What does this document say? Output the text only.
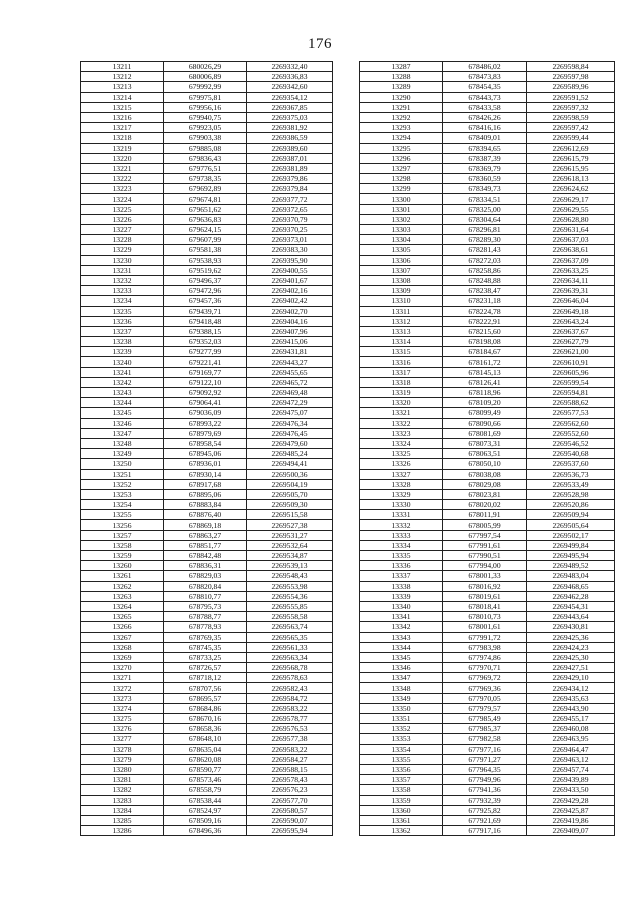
176
13211	680026,29	2269332,40
13212	680006,89	2269336,83
13213	679992,99	2269342,60
13214	679975,81	2269354,12
13215	679956,16	2269367,85
13216	679940,75	2269375,03
13217	679923,05	2269381,92
13218	679903,38	2269386,59
13219	679885,08	2269389,60
13220	679836,43	2269387,01
13221	679776,51	2269381,89
13222	679738,35	2269379,86
13223	679692,89	2269379,84
13224	679674,81	2269377,72
13225	679651,62	2269372,65
13226	679636,83	2269370,79
13227	679624,15	2269370,25
13228	679607,99	2269373,01
13229	679581,38	2269383,30
13230	679538,93	2269395,90
13231	679519,62	2269400,55
13232	679496,37	2269401,67
13233	679472,96	2269402,16
13234	679457,36	2269402,42
13235	679439,71	2269402,70
13236	679418,48	2269404,16
13237	679388,15	2269407,96
13238	679352,03	2269415,06
13239	679277,99	2269431,81
13240	679221,41	2269443,27
13241	679169,77	2269455,65
13242	679122,10	2269465,72
13243	679092,92	2269469,48
13244	679064,41	2269472,29
13245	679036,09	2269475,07
13246	678993,22	2269476,34
13247	678979,69	2269476,45
13248	678958,54	2269479,60
13249	678945,06	2269485,24
13250	678936,01	2269494,41
13251	678930,14	2269500,36
13252	678917,68	2269504,19
13253	678895,06	2269505,70
13254	678883,84	2269509,30
13255	678876,40	2269515,58
13256	678869,18	2269527,38
13257	678863,27	2269531,27
13258	678851,77	2269532,64
13259	678842,48	2269534,87
13260	678836,31	2269539,13
13261	678829,03	2269548,43
13262	678820,84	2269553,98
13263	678810,77	2269554,36
13264	678795,73	2269555,85
13265	678788,77	2269558,58
13266	678778,93	2269563,74
13267	678769,35	2269565,35
13268	678745,35	2269561,33
13269	678733,25	2269563,34
13270	678726,57	2269568,78
13271	678718,12	2269578,63
13272	678707,56	2269582,43
13273	678695,57	2269584,72
13274	678684,86	2269583,22
13275	678670,16	2269578,77
13276	678658,36	2269576,53
13277	678648,10	2269577,38
13278	678635,04	2269583,22
13279	678620,08	2269584,27
13280	678590,77	2269588,15
13281	678573,46	2269578,43
13282	678558,79	2269576,23
13283	678538,44	2269577,70
13284	678524,97	2269580,57
13285	678509,16	2269590,07
13286	678496,36	2269595,94
13287	678486,02	2269598,84
13288	678473,83	2269597,98
13289	678454,35	2269589,96
13290	678443,73	2269591,52
13291	678433,58	2269597,32
13292	678426,26	2269598,59
13293	678416,16	2269597,42
13294	678409,01	2269599,44
13295	678394,65	2269612,69
13296	678387,39	2269615,79
13297	678369,79	2269615,95
13298	678360,59	2269618,13
13299	678349,73	2269624,62
13300	678334,51	2269629,17
13301	678325,00	2269629,55
13302	678304,64	2269628,80
13303	678296,81	2269631,64
13304	678289,30	2269637,03
13305	678281,43	2269638,61
13306	678272,03	2269637,09
13307	678258,86	2269633,25
13308	678248,88	2269634,11
13309	678238,47	2269639,31
13310	678231,18	2269646,04
13311	678224,78	2269649,18
13312	678222,91	2269643,24
13313	678215,60	2269637,67
13314	678198,08	2269627,79
13315	678184,67	2269621,00
13316	678161,72	2269610,91
13317	678145,13	2269605,96
13318	678126,41	2269599,54
13319	678118,96	2269594,81
13320	678109,20	2269588,62
13321	678099,49	2269577,53
13322	678090,66	2269562,60
13323	678081,69	2269552,60
13324	678073,31	2269546,52
13325	678063,51	2269540,68
13326	678050,10	2269537,60
13327	678038,08	2269536,73
13328	678029,08	2269533,49
13329	678023,81	2269528,98
13330	678020,02	2269520,86
13331	678011,91	2269509,94
13332	678005,99	2269505,64
13333	677997,54	2269502,17
13334	677991,61	2269499,84
13335	677990,51	2269495,94
13336	677994,00	2269489,52
13337	678001,33	2269483,04
13338	678016,92	2269468,65
13339	678019,61	2269462,28
13340	678018,41	2269454,31
13341	678010,73	2269443,64
13342	678001,61	2269430,81
13343	677991,72	2269425,36
13344	677983,98	2269424,23
13345	677974,86	2269425,30
13346	677970,71	2269427,51
13347	677969,72	2269429,10
13348	677969,36	2269434,12
13349	677970,05	2269435,63
13350	677979,57	2269443,90
13351	677985,49	2269455,17
13352	677985,37	2269460,08
13353	677982,58	2269463,95
13354	677977,16	2269464,47
13355	677971,27	2269463,12
13356	677964,35	2269457,74
13357	677949,96	2269439,89
13358	677941,36	2269433,50
13359	677932,39	2269429,28
13360	677925,82	2269425,87
13361	677921,69	2269419,86
13362	677917,16	2269409,07
